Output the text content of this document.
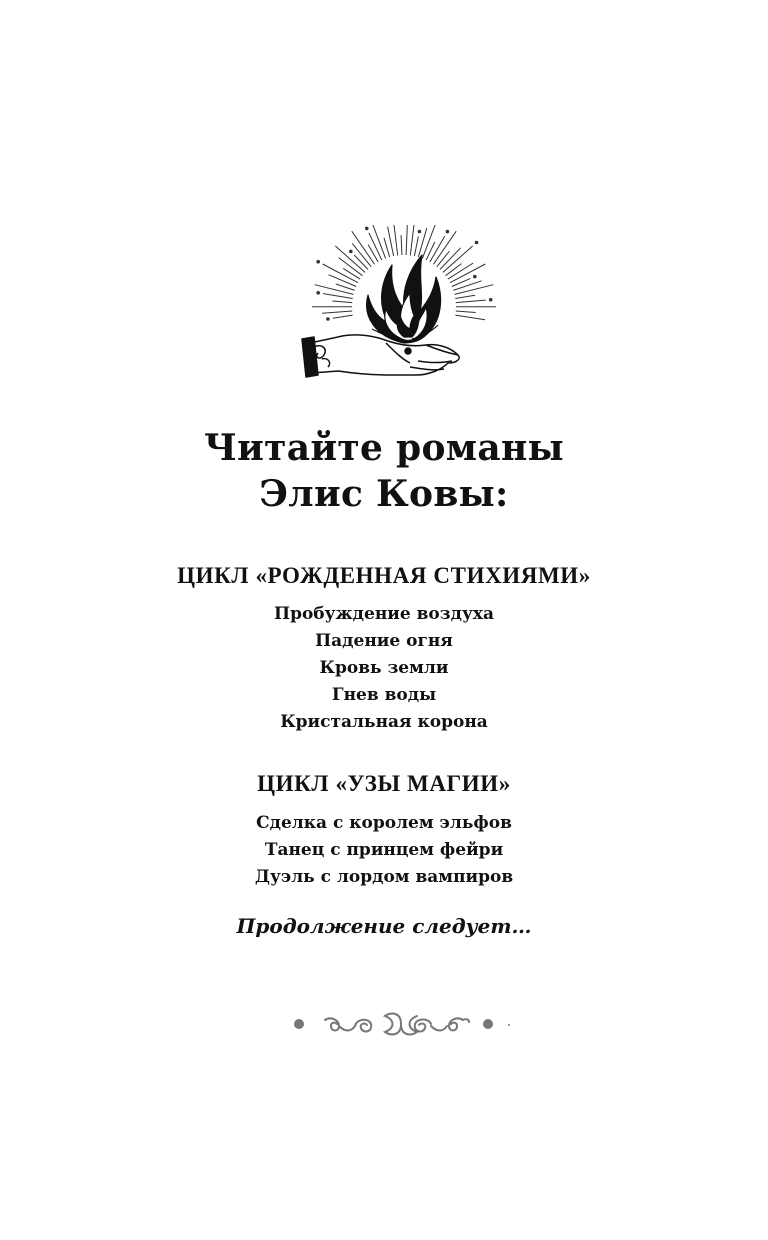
Читайте романы
Элис Ковы:
ЦИКЛ «РОЖДЕННАЯ СТИХИЯМИ»
Пробуждение воздуха
Падение огня
Кровь земли
Гнев воды
Кристальная корона
ЦИКЛ «УЗЫ МАГИИ»
Сделка с королем эльфов
Танец с принцем фейри
Дуэль с лордом вампиров

Продолжение следует…
